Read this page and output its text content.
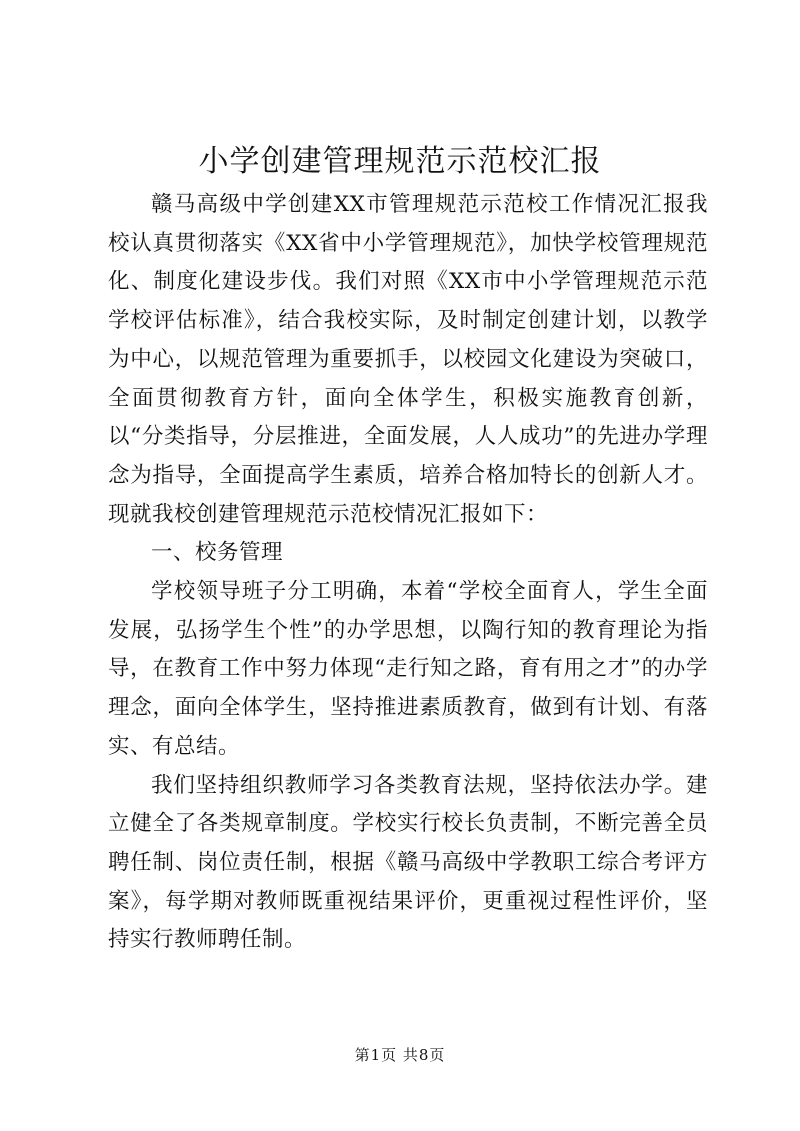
小学创建管理规范示范校汇报

赣马高级中学创建XX市管理规范示范校工作情况汇报我校认真贯彻落实《XX省中小学管理规范》，加快学校管理规范化、制度化建设步伐。我们对照《XX市中小学管理规范示范学校评估标准》，结合我校实际，及时制定创建计划，以教学为中心，以规范管理为重要抓手，以校园文化建设为突破口，全面贯彻教育方针，面向全体学生，积极实施教育创新，以“分类指导，分层推进，全面发展，人人成功”的先进办学理念为指导，全面提高学生素质，培养合格加特长的创新人才。现就我校创建管理规范示范校情况汇报如下：

一、校务管理

学校领导班子分工明确，本着“学校全面育人，学生全面发展，弘扬学生个性”的办学思想，以陶行知的教育理论为指导，在教育工作中努力体现“走行知之路，育有用之才”的办学理念，面向全体学生，坚持推进素质教育，做到有计划、有落实、有总结。

我们坚持组织教师学习各类教育法规，坚持依法办学。建立健全了各类规章制度。学校实行校长负责制，不断完善全员聘任制、岗位责任制，根据《赣马高级中学教职工综合考评方案》，每学期对教师既重视结果评价，更重视过程性评价，坚持实行教师聘任制。

第1页 共8页
